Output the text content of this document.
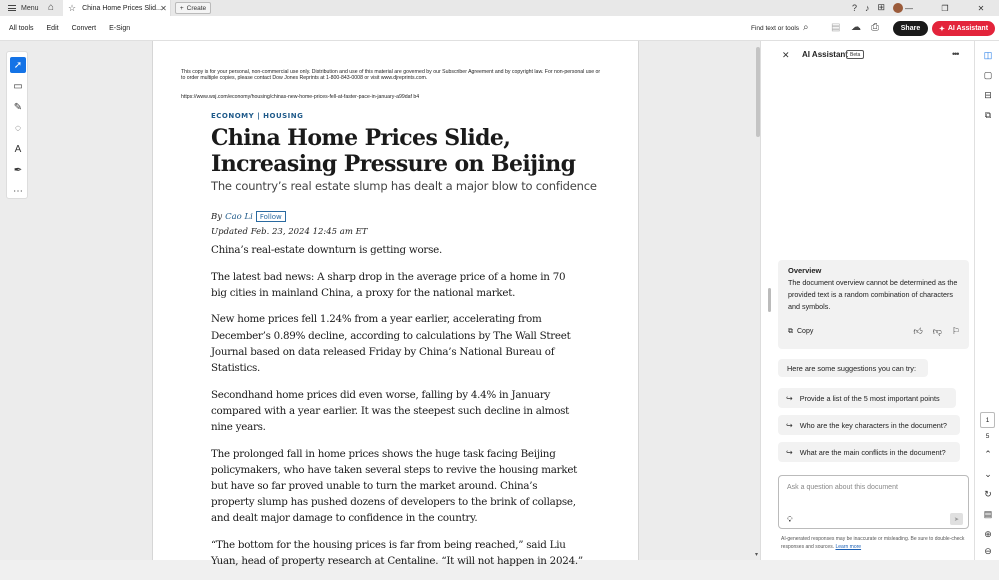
Menu ⌂ ☆ China Home Prices Slid...
✕ + Create	? ♪ ⊞	—	❐	✕
All tools Edit Convert E-Sign	Find text or tools ⌕ ▤ ☁ ⎙	Share	✦ AI Assistant
➚
▭
✎
◌
A
✒
⋯
This copy is for your personal, non-commercial use only. Distribution and use of this material are governed by our Subscriber Agreement and by copyright law. For non-personal use or to order multiple copies, please contact Dow Jones Reprints at 1-800-843-0008 or visit www.djreprints.com.
https://www.wsj.com/economy/housing/chinas-new-home-prices-fell-at-faster-pace-in-january-a99daf b4
ECONOMY | HOUSING
China Home Prices Slide, Increasing Pressure on Beijing
The country’s real estate slump has dealt a major blow to confidence
By Cao Li	Follow
Updated Feb. 23, 2024 12:45 am ET

China’s real-estate downturn is getting worse.

The latest bad news: A sharp drop in the average price of a home in 70 big cities in mainland China, a proxy for the national market.

New home prices fell 1.24% from a year earlier, accelerating from December’s 0.89% decline, according to calculations by The Wall Street Journal based on data released Friday by China’s National Bureau of Statistics.

Secondhand home prices did even worse, falling by 4.4% in January compared with a year earlier. It was the steepest such decline in almost nine years.

The prolonged fall in home prices shows the huge task facing Beijing policymakers, who have taken several steps to revive the housing market but have so far proved unable to turn the market around. China’s property slump has pushed dozens of developers to the brink of collapse, and dealt major damage to confidence in the country.

“The bottom for the housing prices is far from being reached,” said Liu Yuan, head of property research at Centaline. “It will not happen in 2024.”

▾
✕ AI Assistant Beta	•••
Overview
The document overview cannot be determined as the provided text is a random combination of characters and symbols.
⧉ Copy	👍︎ 👎︎ ⚐
Here are some suggestions you can try:
↪ Provide a list of the 5 most important points
↪ Who are the key characters in the document?
↪ What are the main conflicts in the document?
Ask a question about this document
💡︎	➤
AI-generated responses may be inaccurate or misleading. Be sure to double-check responses and sources. Learn more
◫
▢
⊟
⧉
1
5
⌃
⌄
↻
▤
⊕
⊖
